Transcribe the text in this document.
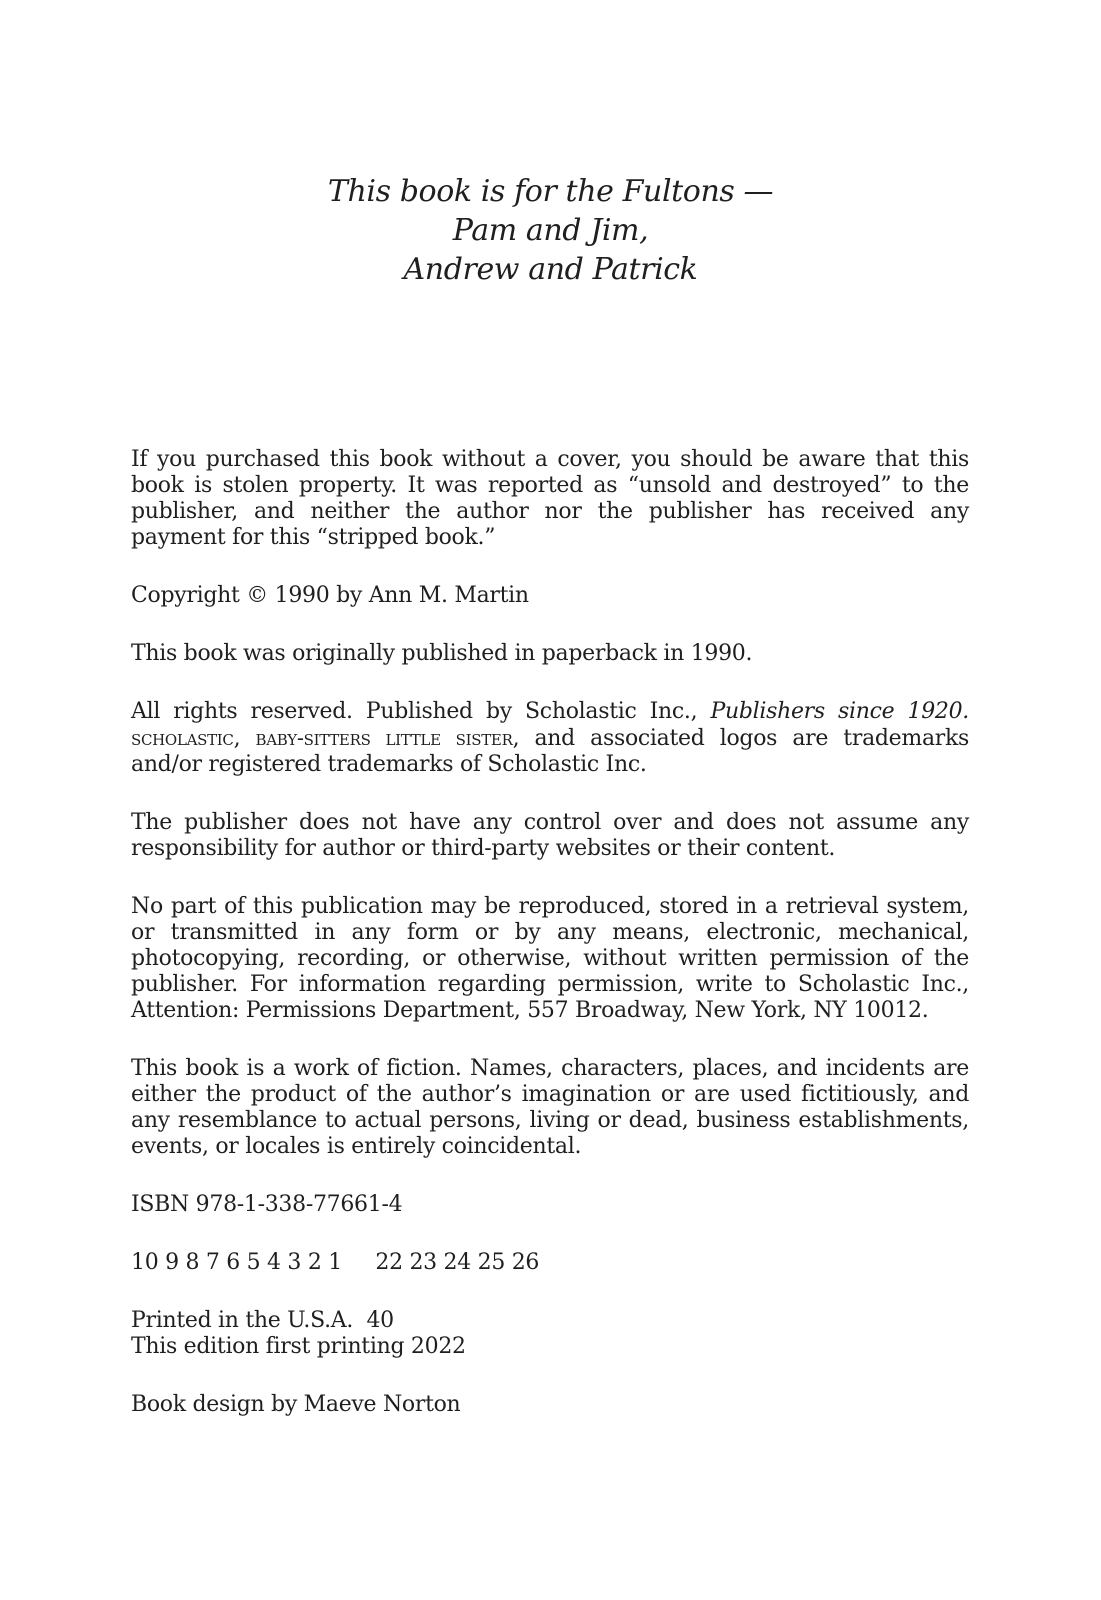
This book is for the Fultons —
Pam and Jim,
Andrew and Patrick

If you purchased this book without a cover, you should be aware that this book is stolen property. It was reported as “unsold and destroyed” to the publisher, and neither the author nor the publisher has received any payment for this “stripped book.”

Copyright © 1990 by Ann M. Martin

This book was originally published in paperback in 1990.

All rights reserved. Published by Scholastic Inc., Publishers since 1920. scholastic, baby-sitters little sister, and associated logos are trademarks and/or registered trademarks of Scholastic Inc.

The publisher does not have any control over and does not assume any responsibility for author or third-party websites or their content.

No part of this publication may be reproduced, stored in a retrieval system, or transmitted in any form or by any means, electronic, mechanical, photocopying, recording, or otherwise, without written permission of the publisher. For information regarding permission, write to Scholastic Inc., Attention: Permissions Department, 557 Broadway, New York, NY 10012.

This book is a work of fiction. Names, characters, places, and incidents are either the product of the author’s imagination or are used fictitiously, and any resemblance to actual persons, living or dead, business establishments, events, or locales is entirely coincidental.

ISBN 978-1-338-77661-4

10 9 8 7 6 5 4 3 2 1     22 23 24 25 26

Printed in the U.S.A.  40
This edition first printing 2022

Book design by Maeve Norton
